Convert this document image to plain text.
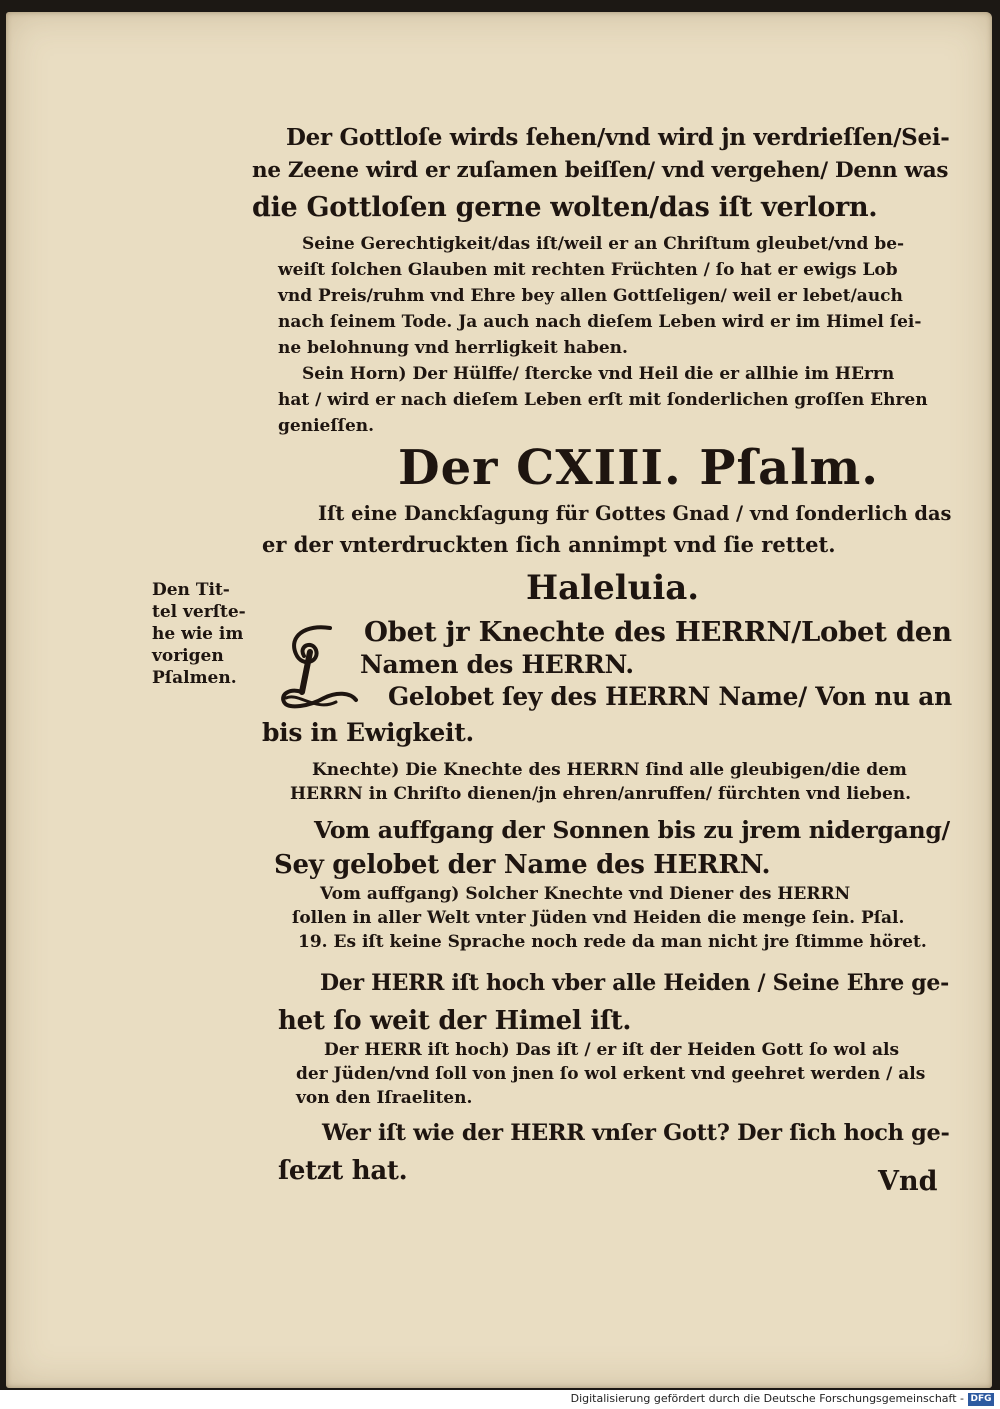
Der Gottloſe wirds ſehen/vnd wird jn verdrieſſen/Sei-
ne Zeene wird er zuſamen beiſſen/ vnd vergehen/ Denn was
die Gottloſen gerne wolten/das iſt verlorn.
Seine Gerechtigkeit/das iſt/weil er an Chriſtum gleubet/vnd be-
weiſt ſolchen Glauben mit rechten Früchten / ſo hat er ewigs Lob
vnd Preis/ruhm vnd Ehre bey allen Gottſeligen/ weil er lebet/auch
nach ſeinem Tode. Ja auch nach dieſem Leben wird er im Himel ſei-
ne belohnung vnd herrligkeit haben.
Sein Horn) Der Hülffe/ ſtercke vnd Heil die er allhie im HErrn
hat / wird er nach dieſem Leben erſt mit ſonderlichen groſſen Ehren
genieſſen.
Der CXIII. Pſalm.
Iſt eine Danckſagung für Gottes Gnad / vnd ſonderlich das
er der vnterdruckten ſich annimpt vnd ſie rettet.
Den Tit-
tel verſte-
he wie im
vorigen
Pſalmen.
Haleluia.
Obet jr Knechte des HERRN/Lobet den
Namen des HERRN.
Gelobet ſey des HERRN Name/ Von nu an
bis in Ewigkeit.
Knechte) Die Knechte des HERRN ſind alle gleubigen/die dem
HERRN in Chriſto dienen/jn ehren/anruffen/ fürchten vnd lieben.
Vom auffgang der Sonnen bis zu jrem nidergang/
Sey gelobet der Name des HERRN.
Vom auffgang) Solcher Knechte vnd Diener des HERRN
ſollen in aller Welt vnter Jüden vnd Heiden die menge ſein. Pſal.
19. Es iſt keine Sprache noch rede da man nicht jre ſtimme höret.
Der HERR iſt hoch vber alle Heiden / Seine Ehre ge-
het ſo weit der Himel iſt.
Der HERR iſt hoch) Das iſt / er iſt der Heiden Gott ſo wol als
der Jüden/vnd ſoll von jnen ſo wol erkent vnd geehret werden / als
von den Iſraeliten.
Wer iſt wie der HERR vnſer Gott? Der ſich hoch ge-
ſetzt hat.	Vnd
Digitalisierung gefördert durch die Deutsche Forschungsgemeinschaft - DFG
